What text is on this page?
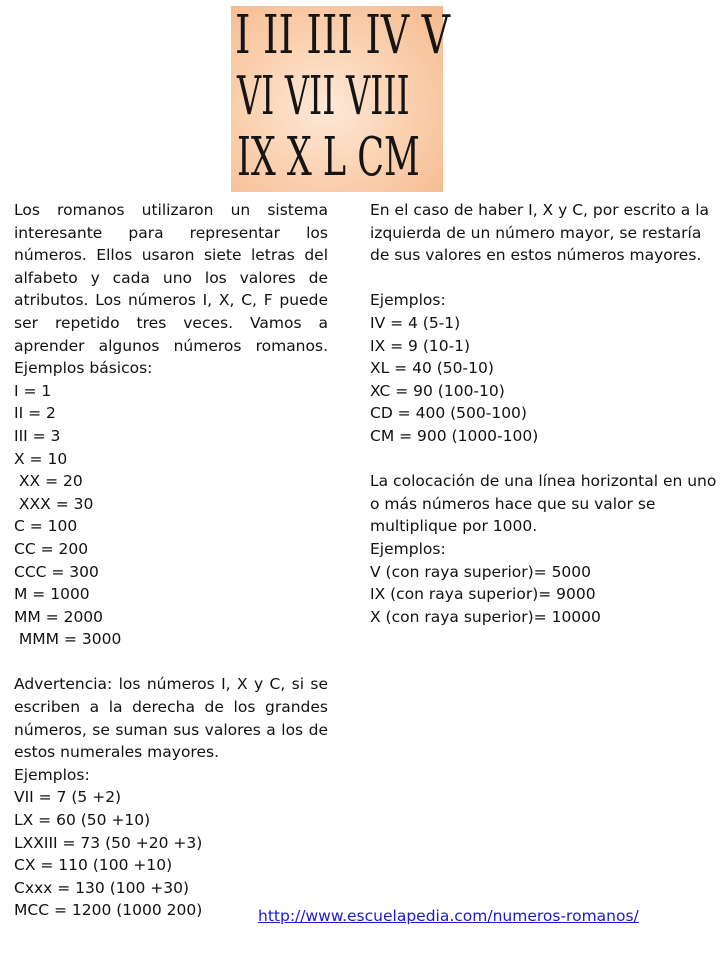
I II III IV V
VI VII VIII
IX X L CM
Los romanos utilizaron un sistema
interesante para representar los
números. Ellos usaron siete letras del
alfabeto y cada uno los valores de
atributos. Los números I, X, C, F puede
ser repetido tres veces. Vamos a
aprender algunos números romanos.
Ejemplos básicos:
I = 1
II = 2
III = 3
X = 10
XX = 20
XXX = 30
C = 100
CC = 200
CCC = 300
M = 1000
MM = 2000
MMM = 3000
Advertencia: los números I, X y C, si se
escriben a la derecha de los grandes
números, se suman sus valores a los de
estos numerales mayores.
Ejemplos:
VII = 7 (5 +2)
LX = 60 (50 +10)
LXXIII = 73 (50 +20 +3)
CX = 110 (100 +10)
Cxxx = 130 (100 +30)
MCC = 1200 (1000 200)
En el caso de haber I, X y C, por escrito a la
izquierda de un número mayor, se restaría
de sus valores en estos números mayores.
Ejemplos:
IV = 4 (5-1)
IX = 9 (10-1)
XL = 40 (50-10)
XC = 90 (100-10)
CD = 400 (500-100)
CM = 900 (1000-100)
La colocación de una línea horizontal en uno
o más números hace que su valor se
multiplique por 1000.
Ejemplos:
V (con raya superior)= 5000
IX (con raya superior)= 9000
X (con raya superior)= 10000
http://www.escuelapedia.com/numeros-romanos/
